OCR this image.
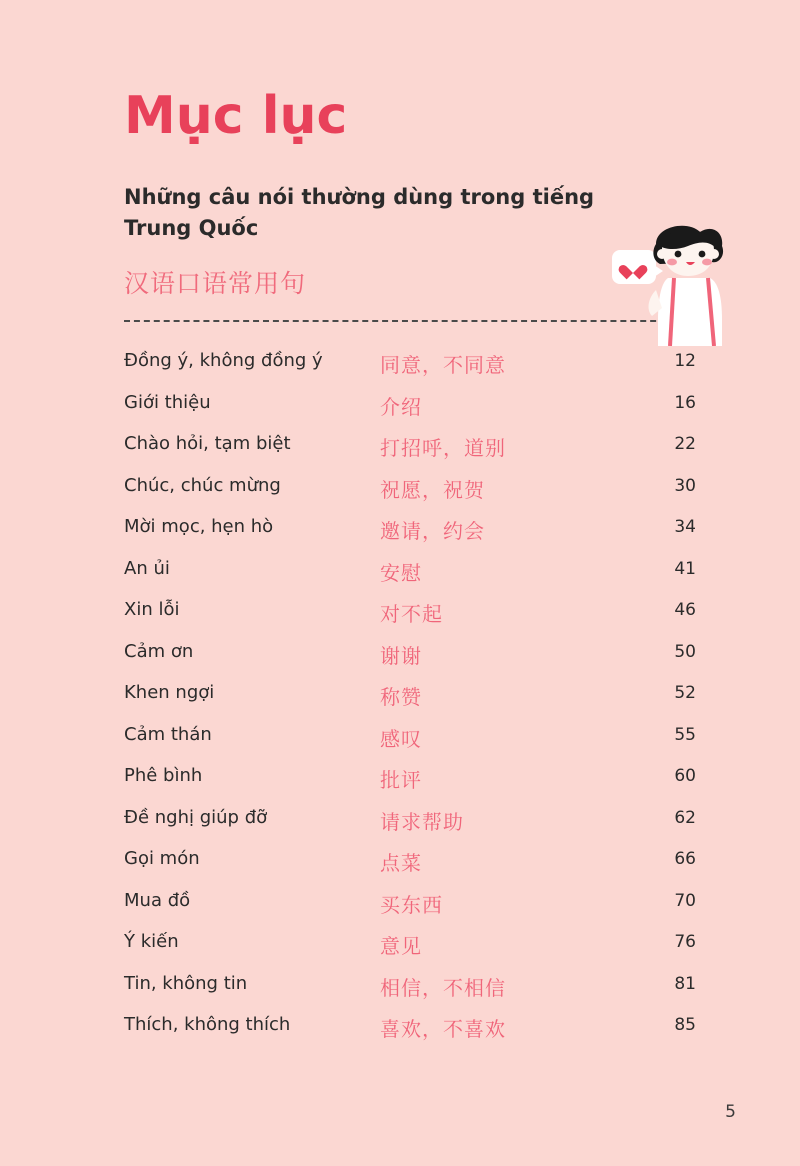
Mục lục
Những câu nói thường dùng trong tiếng Trung Quốc
汉语口语常用句
Đồng ý, không đồng ý	同意，不同意	12
Giới thiệu	介绍	16
Chào hỏi, tạm biệt	打招呼，道别	22
Chúc, chúc mừng	祝愿，祝贺	30
Mời mọc, hẹn hò	邀请，约会	34
An ủi	安慰	41
Xin lỗi	对不起	46
Cảm ơn	谢谢	50
Khen ngợi	称赞	52
Cảm thán	感叹	55
Phê bình	批评	60
Đề nghị giúp đỡ	请求帮助	62
Gọi món	点菜	66
Mua đồ	买东西	70
Ý kiến	意见	76
Tin, không tin	相信，不相信	81
Thích, không thích	喜欢，不喜欢	85
5
